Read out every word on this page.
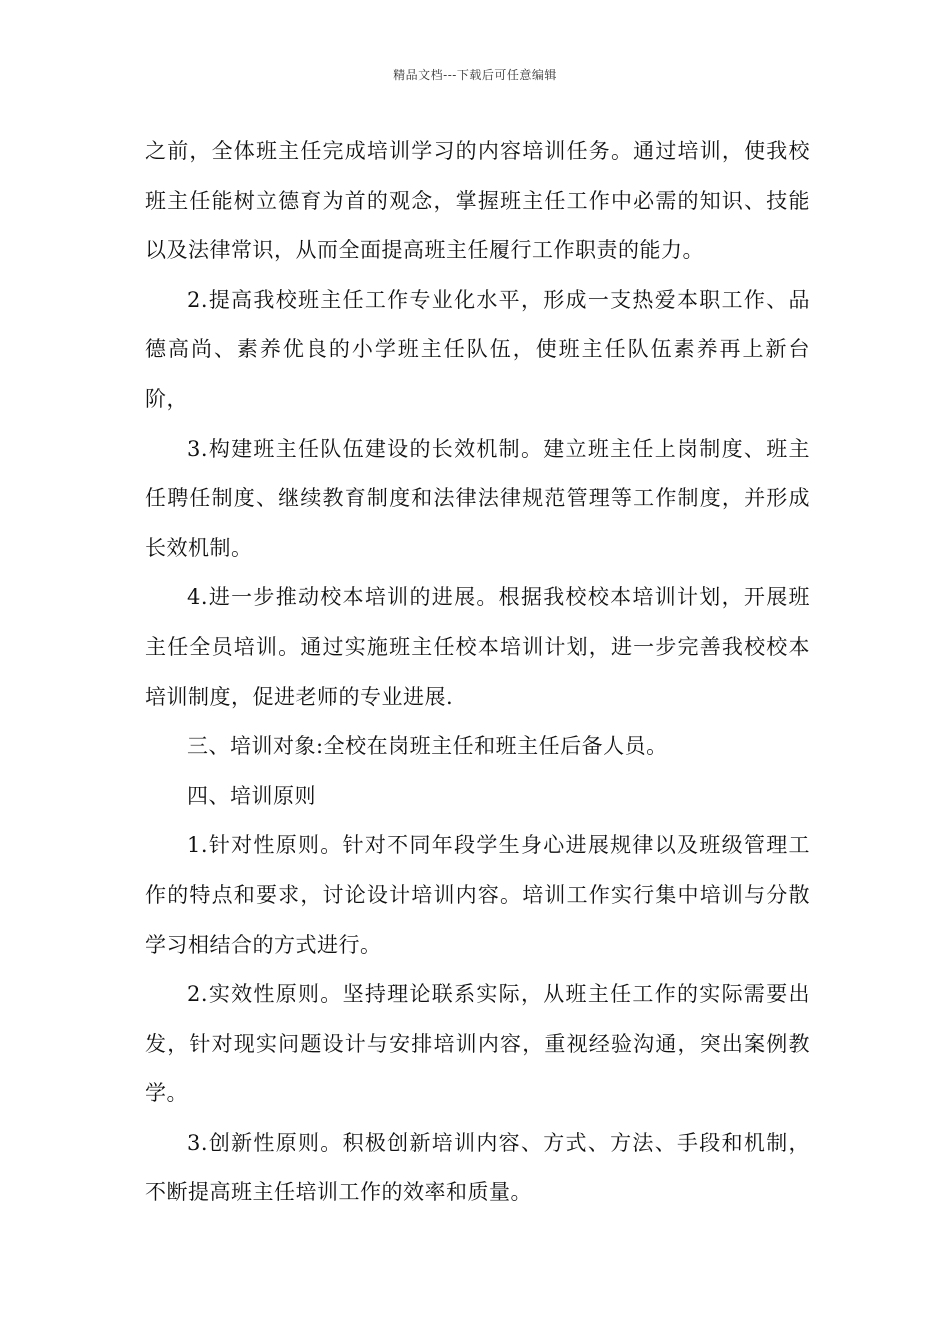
精品文档---下载后可任意编辑

之前，全体班主任完成培训学习的内容培训任务。通过培训，使我校班主任能树立德育为首的观念，掌握班主任工作中必需的知识、技能以及法律常识，从而全面提高班主任履行工作职责的能力。

2.提高我校班主任工作专业化水平，形成一支热爱本职工作、品德高尚、素养优良的小学班主任队伍，使班主任队伍素养再上新台阶，

3.构建班主任队伍建设的长效机制。建立班主任上岗制度、班主任聘任制度、继续教育制度和法律法律规范管理等工作制度，并形成长效机制。

4.进一步推动校本培训的进展。根据我校校本培训计划，开展班主任全员培训。通过实施班主任校本培训计划，进一步完善我校校本培训制度，促进老师的专业进展.

三、培训对象:全校在岗班主任和班主任后备人员。

四、培训原则

1.针对性原则。针对不同年段学生身心进展规律以及班级管理工作的特点和要求，讨论设计培训内容。培训工作实行集中培训与分散学习相结合的方式进行。

2.实效性原则。坚持理论联系实际，从班主任工作的实际需要出发，针对现实问题设计与安排培训内容，重视经验沟通，突出案例教学。

3.创新性原则。积极创新培训内容、方式、方法、手段和机制，不断提高班主任培训工作的效率和质量。
